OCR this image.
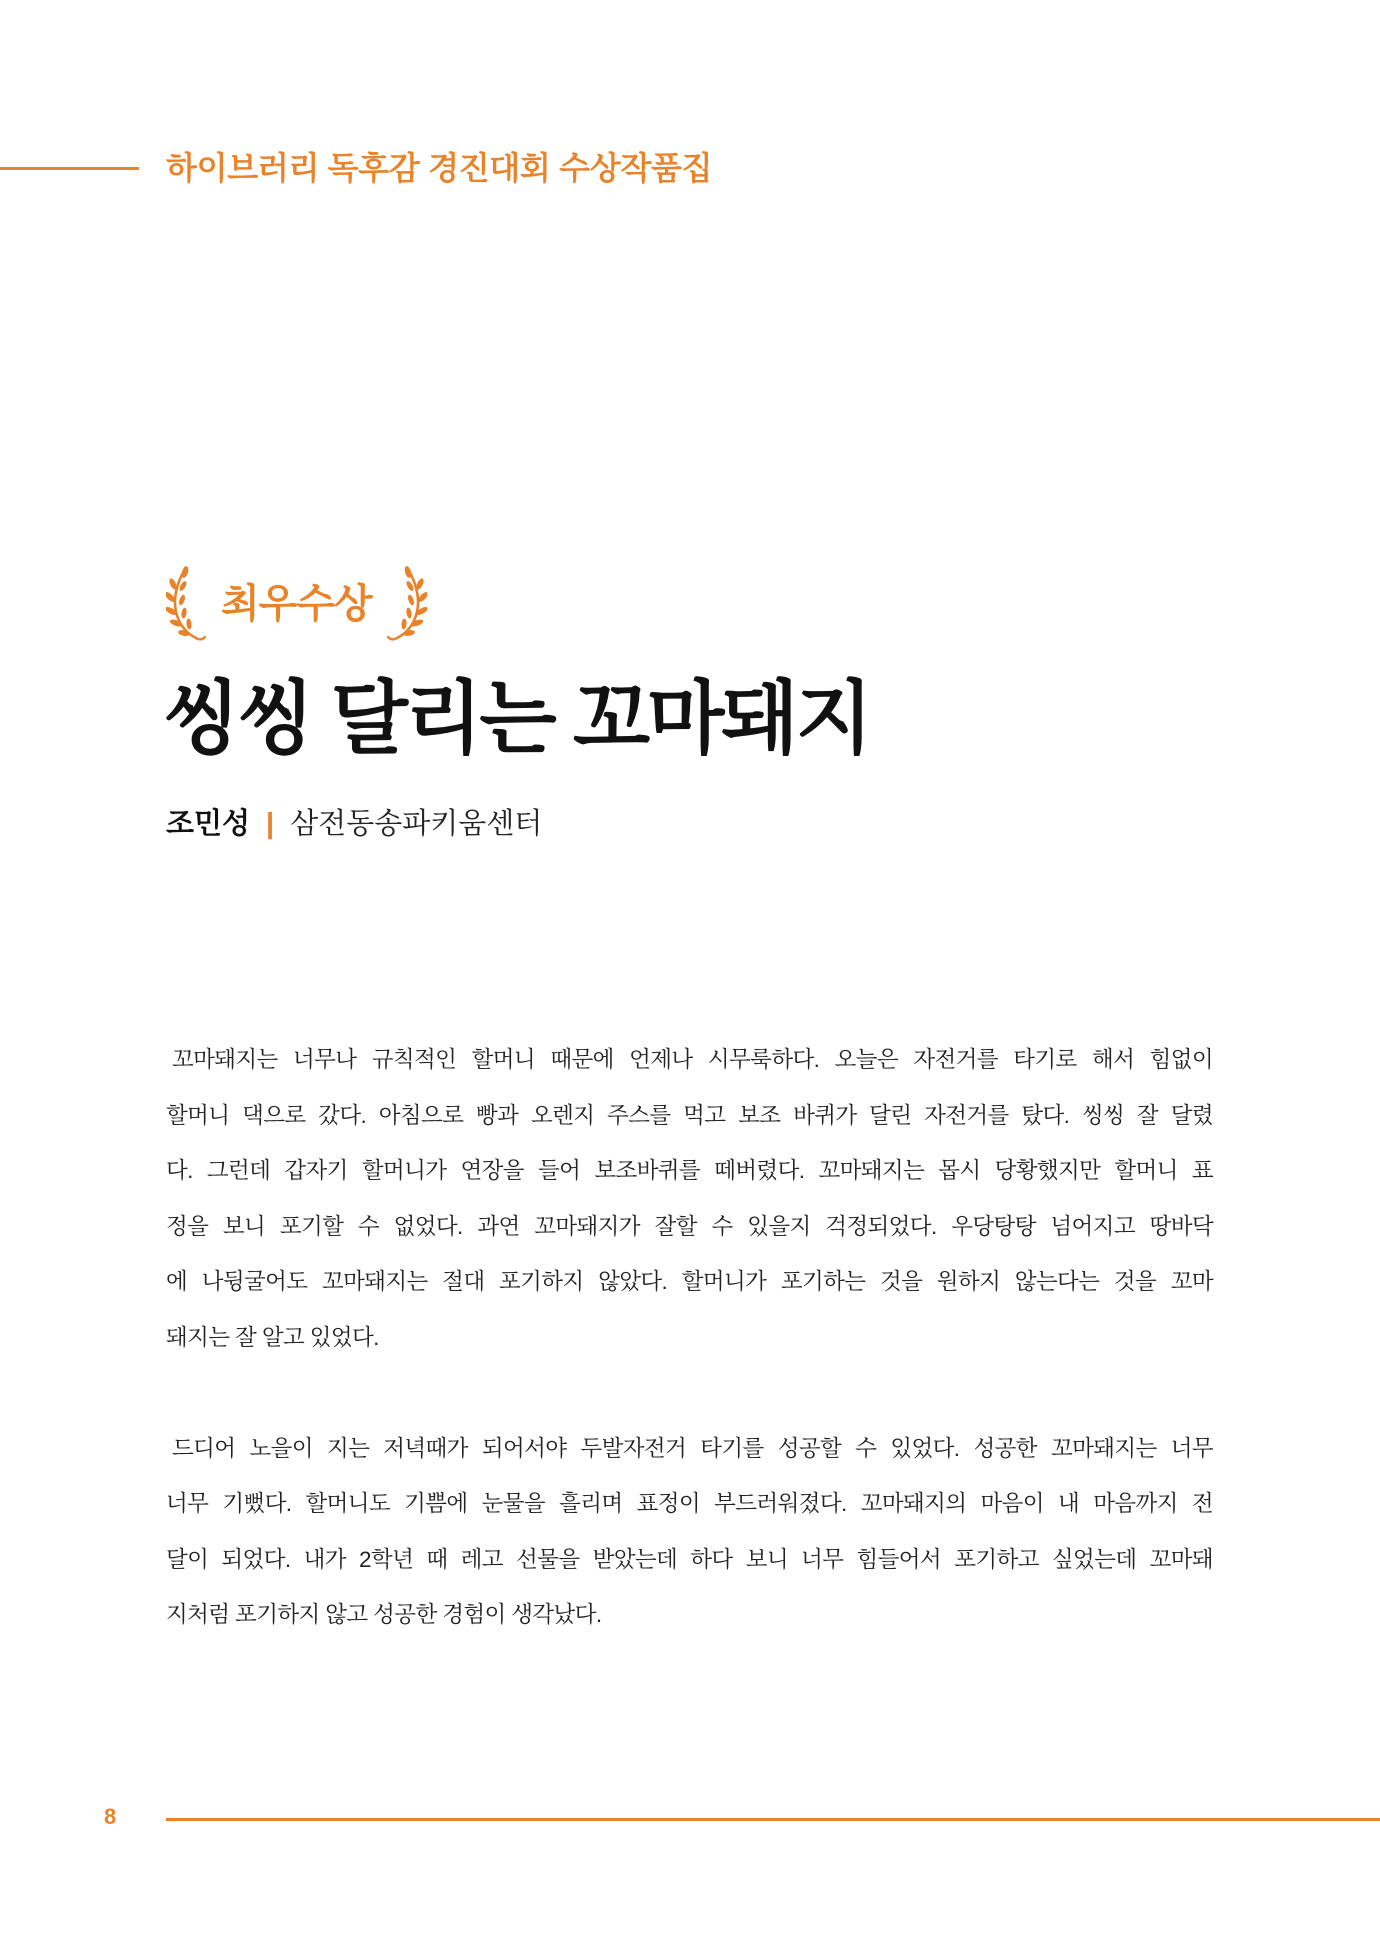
하이브러리 독후감 경진대회 수상작품집
최우수상
씽씽 달리는 꼬마돼지
조민성 | 삼전동송파키움센터
꼬마돼지는 너무나 규칙적인 할머니 때문에 언제나 시무룩하다. 오늘은 자전거를 타기로 해서 힘없이
할머니 댁으로 갔다. 아침으로 빵과 오렌지 주스를 먹고 보조 바퀴가 달린 자전거를 탔다. 씽씽 잘 달렸
다. 그런데 갑자기 할머니가 연장을 들어 보조바퀴를 떼버렸다. 꼬마돼지는 몹시 당황했지만 할머니 표
정을 보니 포기할 수 없었다. 과연 꼬마돼지가 잘할 수 있을지 걱정되었다. 우당탕탕 넘어지고 땅바닥
에 나뒹굴어도 꼬마돼지는 절대 포기하지 않았다. 할머니가 포기하는 것을 원하지 않는다는 것을 꼬마
돼지는 잘 알고 있었다.
드디어 노을이 지는 저녁때가 되어서야 두발자전거 타기를 성공할 수 있었다. 성공한 꼬마돼지는 너무
너무 기뻤다. 할머니도 기쁨에 눈물을 흘리며 표정이 부드러워졌다. 꼬마돼지의 마음이 내 마음까지 전
달이 되었다. 내가 2학년 때 레고 선물을 받았는데 하다 보니 너무 힘들어서 포기하고 싶었는데 꼬마돼
지처럼 포기하지 않고 성공한 경험이 생각났다.
8
